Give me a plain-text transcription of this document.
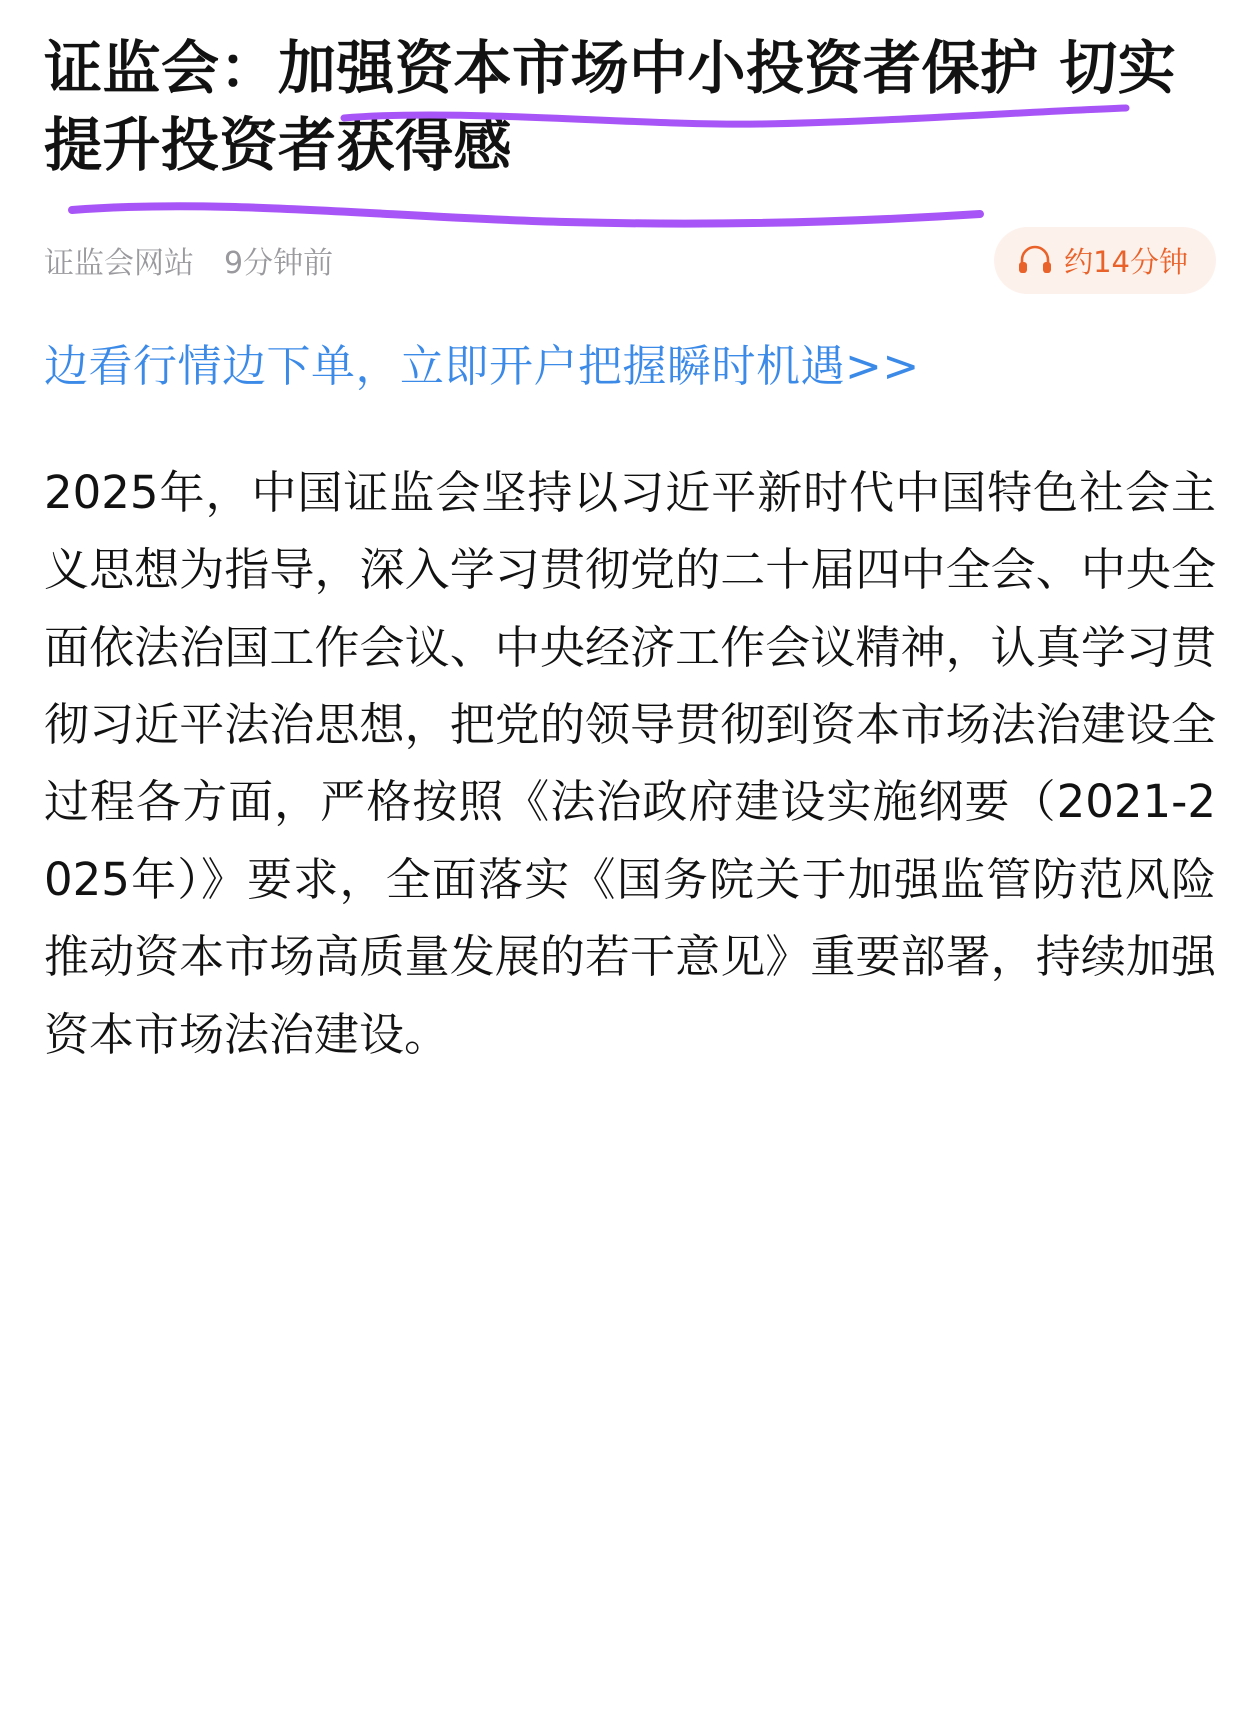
证监会：加强资本市场中小投资者保护 切实提升投资者获得感
证监会网站 9分钟前	约14分钟
边看行情边下单，立即开户把握瞬时机遇>>

2025年，中国证监会坚持以习近平新时代中国特色社会主义思想为指导，深入学习贯彻党的二十届四中全会、中央全面依法治国工作会议、中央经济工作会议精神，认真学习贯彻习近平法治思想，把党的领导贯彻到资本市场法治建设全过程各方面，严格按照《法治政府建设实施纲要（2021-2025年）》要求，全面落实《国务院关于加强监管防范风险推动资本市场高质量发展的若干意见》重要部署，持续加强资本市场法治建设。
